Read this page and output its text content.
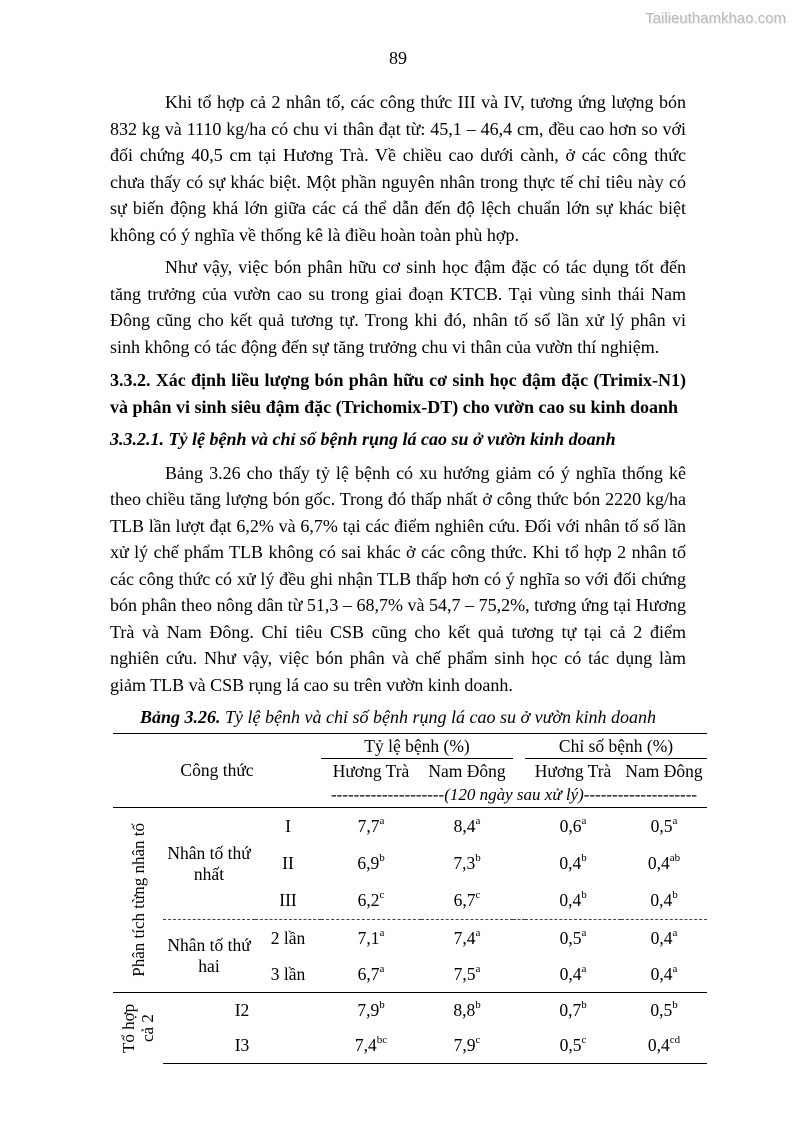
Tailieuthamkhao.com
89

Khi tổ hợp cả 2 nhân tố, các công thức III và IV, tương ứng lượng bón 832 kg và 1110 kg/ha có chu vi thân đạt từ: 45,1 – 46,4 cm, đều cao hơn so với đối chứng 40,5 cm tại Hương Trà. Về chiều cao dưới cành, ở các công thức chưa thấy có sự khác biệt. Một phần nguyên nhân trong thực tế chỉ tiêu này có sự biến động khá lớn giữa các cá thể dẫn đến độ lệch chuẩn lớn sự khác biệt không có ý nghĩa về thống kê là điều hoàn toàn phù hợp.

Như vậy, việc bón phân hữu cơ sinh học đậm đặc có tác dụng tốt đến tăng trưởng của vườn cao su trong giai đoạn KTCB. Tại vùng sinh thái Nam Đông cũng cho kết quả tương tự. Trong khi đó, nhân tố số lần xử lý phân vi sinh không có tác động đến sự tăng trưởng chu vi thân của vườn thí nghiệm.

3.3.2. Xác định liều lượng bón phân hữu cơ sinh học đậm đặc (Trimix-N1) và phân vi sinh siêu đậm đặc (Trichomix-DT) cho vườn cao su kinh doanh

3.3.2.1. Tỷ lệ bệnh và chỉ số bệnh rụng lá cao su ở vườn kinh doanh

Bảng 3.26 cho thấy tỷ lệ bệnh có xu hướng giảm có ý nghĩa thống kê theo chiều tăng lượng bón gốc. Trong đó thấp nhất ở công thức bón 2220 kg/ha TLB lần lượt đạt 6,2% và 6,7% tại các điểm nghiên cứu. Đối với nhân tố số lần xử lý chế phẩm TLB không có sai khác ở các công thức. Khi tổ hợp 2 nhân tố các công thức có xử lý đều ghi nhận TLB thấp hơn có ý nghĩa so với đối chứng bón phân theo nông dân từ 51,3 – 68,7% và 54,7 – 75,2%, tương ứng tại Hương Trà và Nam Đông. Chỉ tiêu CSB cũng cho kết quả tương tự tại cả 2 điểm nghiên cứu. Như vậy, việc bón phân và chế phẩm sinh học có tác dụng làm giảm TLB và CSB rụng lá cao su trên vườn kinh doanh.

Bảng 3.26. Tỷ lệ bệnh và chỉ số bệnh rụng lá cao su ở vườn kinh doanh
Công thức			Tỷ lệ bệnh (%)			Chỉ số bệnh (%)	
			Hương Trà	Nam Đông		Hương Trà	Nam Đông
			--------------------(120 ngày sau xử lý)--------------------				

Phân tích từng nhân tố	Nhân tố thứ nhất	I	7,7$^a$	8,4$^a$		0,6$^a$	0,5$^a$
		II	6,9$^b$	7,3$^b$		0,4$^b$	0,4$^{ab}$
		III	6,2$^c$	6,7$^c$		0,4$^b$	0,4$^b$
	Nhân tố thứ hai	2 lần	7,1$^a$	7,4$^a$		0,5$^a$	0,4$^a$
		3 lần	6,7$^a$	7,5$^a$		0,4$^a$	0,4$^a$

Tổ hợp cả 2	I2		7,9$^b$	8,8$^b$		0,7$^b$	0,5$^b$
	I3		7,4$^{bc}$	7,9$^c$		0,5$^c$	0,4$^{cd}$
